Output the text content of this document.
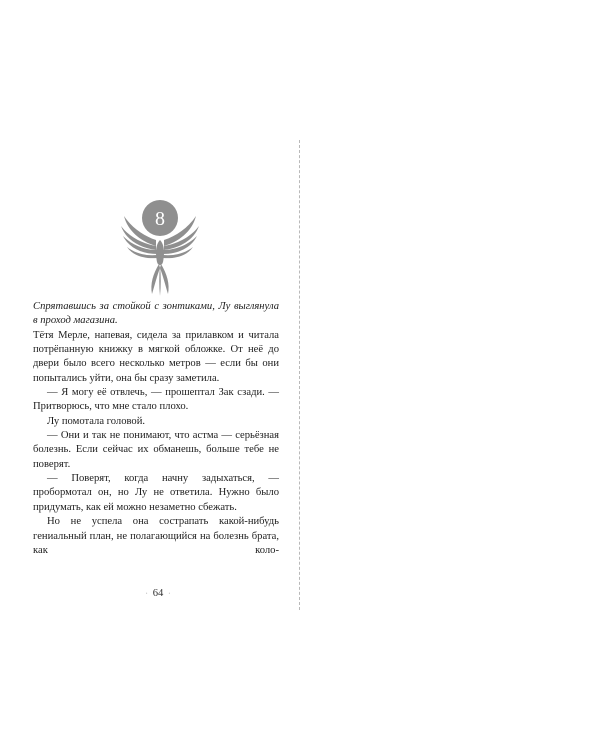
8

Спрятавшись за стойкой с зонтиками, Лу выглянула в проход магазина.

Тётя Мерле, напевая, сидела за прилавком и читала потрёпанную книжку в мягкой обложке. От неё до двери было всего несколько метров — если бы они попытались уйти, она бы сразу заметила.

— Я могу её отвлечь, — прошептал Зак сзади. — Притворюсь, что мне стало плохо.

Лу помотала головой.

— Они и так не понимают, что астма — серьёзная болезнь. Если сейчас их обманешь, больше тебе не поверят.

— Поверят, когда начну задыхаться, — пробормотал он, но Лу не ответила. Нужно было придумать, как ей можно незаметно сбежать.

Но не успела она сострапать какой-нибудь гениальный план, не полагающийся на болезнь брата, как коло-

· 64 ·
